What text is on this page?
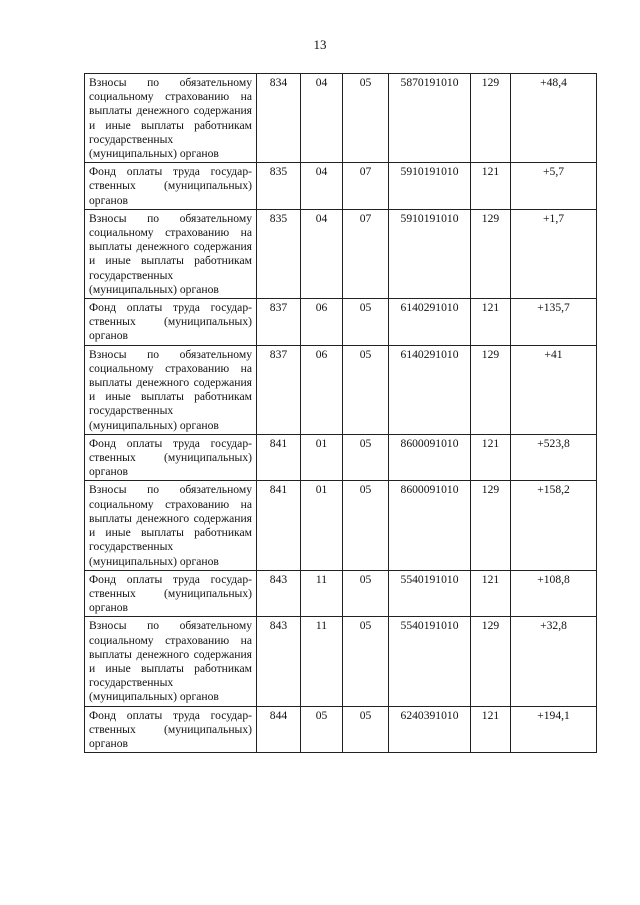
13
Взносы по обязательному социальному страхованию на выплаты денежного содержания и иные выплаты работникам государственных (муниципальных) органов	834	04	05	5870191010	129	+48,4
Фонд оплаты труда государственных (муниципальных) органов	835	04	07	5910191010	121	+5,7
Взносы по обязательному социальному страхованию на выплаты денежного содержания и иные выплаты работникам государственных (муниципальных) органов	835	04	07	5910191010	129	+1,7
Фонд оплаты труда государственных (муниципальных) органов	837	06	05	6140291010	121	+135,7
Взносы по обязательному социальному страхованию на выплаты денежного содержания и иные выплаты работникам государственных (муниципальных) органов	837	06	05	6140291010	129	+41
Фонд оплаты труда государственных (муниципальных) органов	841	01	05	8600091010	121	+523,8
Взносы по обязательному социальному страхованию на выплаты денежного содержания и иные выплаты работникам государственных (муниципальных) органов	841	01	05	8600091010	129	+158,2
Фонд оплаты труда государственных (муниципальных) органов	843	11	05	5540191010	121	+108,8
Взносы по обязательному социальному страхованию на выплаты денежного содержания и иные выплаты работникам государственных (муниципальных) органов	843	11	05	5540191010	129	+32,8
Фонд оплаты труда государственных (муниципальных) органов	844	05	05	6240391010	121	+194,1
